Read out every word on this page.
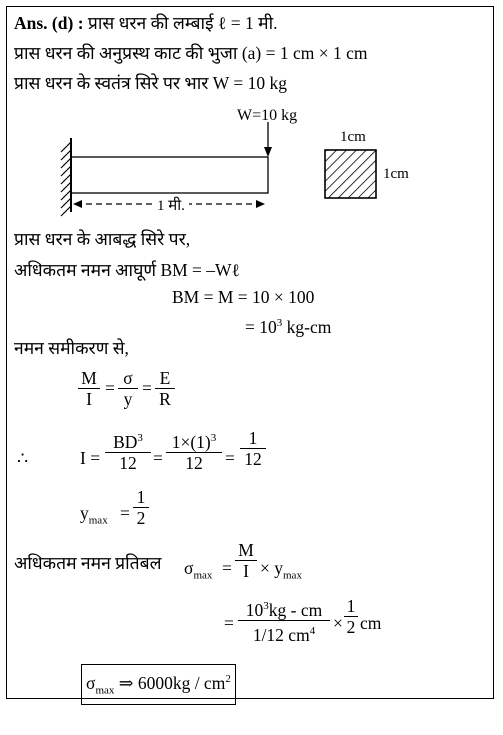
Ans. (d) : प्रास धरन की लम्बाई ℓ = 1 मी.
प्रास धरन की अनुप्रस्थ काट की भुजा (a) = 1 cm × 1 cm
प्रास धरन के स्वतंत्र सिरे पर भार W = 10 kg
W=10 kg
1 मी.
1cm
1cm
प्रास धरन के आबद्ध सिरे पर,
अधिकतम नमन आघूर्ण BM = –Wℓ
BM = M = 10 × 100
= $10^3$ kg-cm
नमन समीकरण से,
$\frac{M}{I} = \frac{\sigma}{y} = \frac{E}{R}$
∴	$I = \frac{BD^3}{12} = \frac{1\times(1)^3}{12} = \frac{1}{12}$
$y_{max} = \frac{1}{2}$
अधिकतम नमन प्रतिबल $\sigma_{max} = \frac{M}{I} \times y_{max}$
= $\frac{10^3kg - cm}{1/12 cm^4} \times \frac{1}{2}$ cm
$\sigma_{max}$ ⇒ $6000kg / cm^2$
